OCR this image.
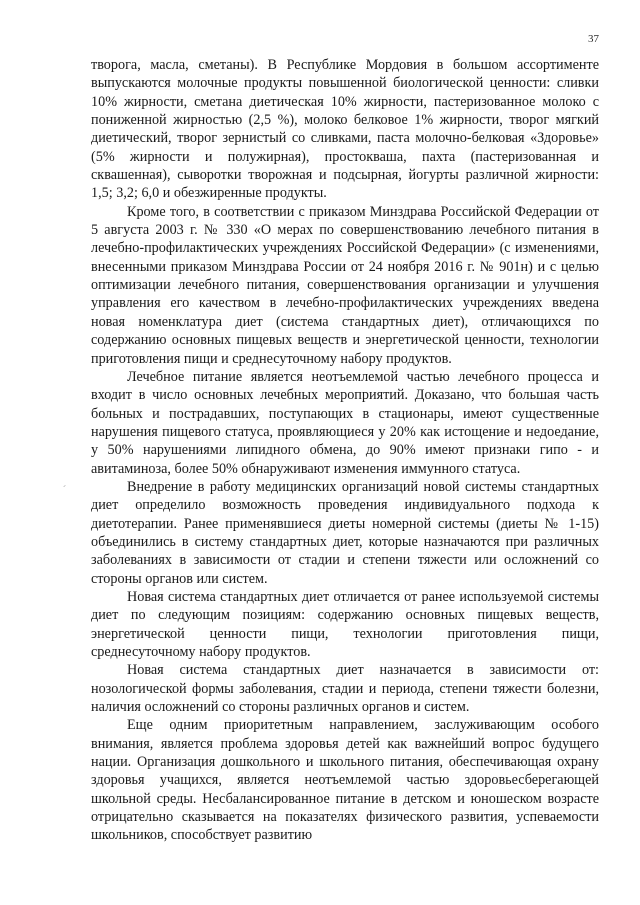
37
´

творога, масла, сметаны). В Республике Мордовия в большом ассортименте выпускаются молочные продукты повышенной биологической ценности: сливки 10% жирности, сметана диетическая 10% жирности, пастеризованное молоко с пониженной жирностью (2,5 %), молоко белковое 1% жирности, творог мягкий диетический, творог зернистый со сливками, паста молочно-белковая «Здоровье» (5% жирности и полужирная), простокваша, пахта (пастеризованная и сквашенная), сыворотки творожная и подсырная, йогурты различной жирности: 1,5; 3,2; 6,0 и обезжиренные продукты.

Кроме того, в соответствии с приказом Минздрава Российской Федерации от 5 августа 2003 г. № 330 «О мерах по совершенствованию лечебного питания в лечебно-профилактических учреждениях Российской Федерации» (с изменениями, внесенными приказом Минздрава России от 24 ноября 2016 г. № 901н) и с целью оптимизации лечебного питания, совершенствования организации и улучшения управления его качеством в лечебно-профилактических учреждениях введена новая номенклатура диет (система стандартных диет), отличающихся по содержанию основных пищевых веществ и энергетической ценности, технологии приготовления пищи и среднесуточному набору продуктов.

Лечебное питание является неотъемлемой частью лечебного процесса и входит в число основных лечебных мероприятий. Доказано, что большая часть больных и пострадавших, поступающих в стационары, имеют существенные нарушения пищевого статуса, проявляющиеся у 20% как истощение и недоедание, у 50% нарушениями липидного обмена, до 90% имеют признаки гипо - и авитаминоза, более 50% обнаруживают изменения иммунного статуса.

Внедрение в работу медицинских организаций новой системы стандартных диет определило возможность проведения индивидуального подхода к диетотерапии. Ранее применявшиеся диеты номерной системы (диеты № 1-15) объединились в систему стандартных диет, которые назначаются при различных заболеваниях в зависимости от стадии и степени тяжести или осложнений со стороны органов или систем.

Новая система стандартных диет отличается от ранее используемой системы диет по следующим позициям: содержанию основных пищевых веществ, энергетической ценности пищи, технологии приготовления пищи, среднесуточному набору продуктов.

Новая система стандартных диет назначается в зависимости от: нозологической формы заболевания, стадии и периода, степени тяжести болезни, наличия осложнений со стороны различных органов и систем.

Еще одним приоритетным направлением, заслуживающим особого внимания, является проблема здоровья детей как важнейший вопрос будущего нации. Организация дошкольного и школьного питания, обеспечивающая охрану здоровья учащихся, является неотъемлемой частью здоровьесберегающей школьной среды. Несбалансированное питание в детском и юношеском возрасте отрицательно сказывается на показателях физического развития, успеваемости школьников, способствует развитию
